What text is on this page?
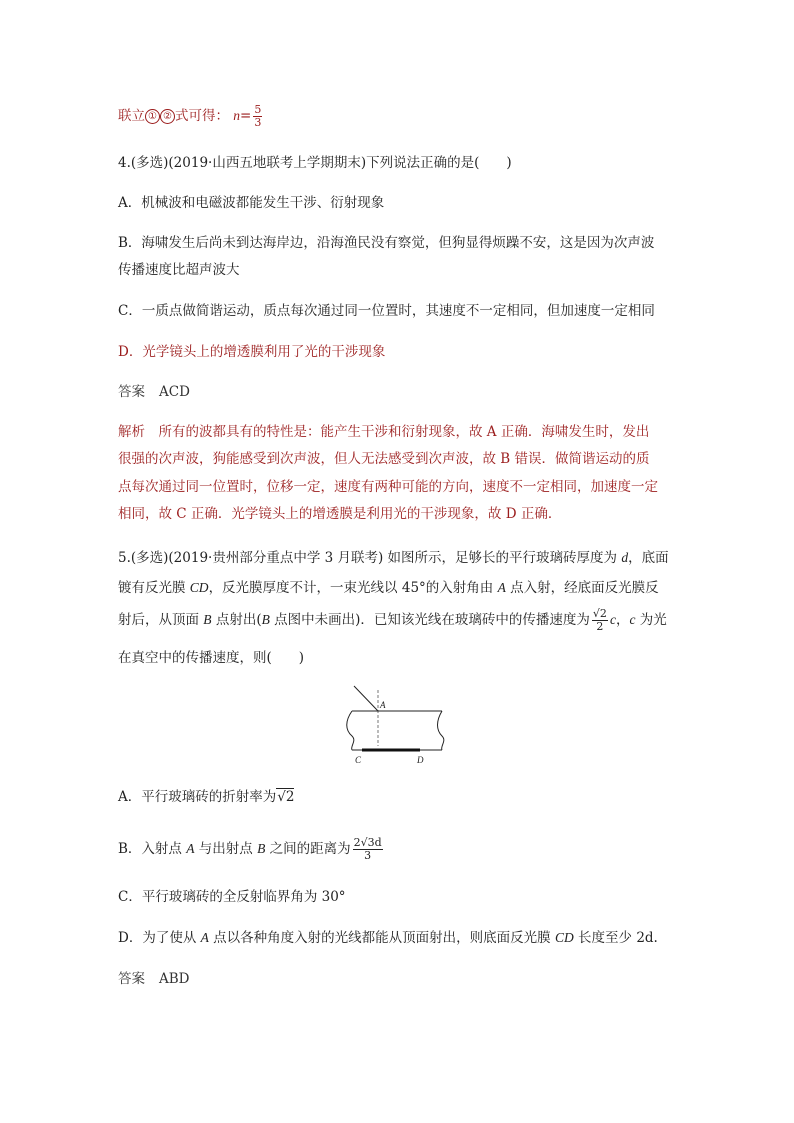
联立 ① ② 式可得： $n= \frac{5}{3}$
4.(多选)(2019·山西五地联考上学期期末)下列说法正确的是(　　)
A．机械波和电磁波都能发生干涉、衍射现象
B．海啸发生后尚未到达海岸边，沿海渔民没有察觉，但狗显得烦躁不安，这是因为次声波
传播速度比超声波大
C．一质点做简谐运动，质点每次通过同一位置时，其速度不一定相同，但加速度一定相同
D．光学镜头上的增透膜利用了光的干涉现象
答案 ACD
解析　所有的波都具有的特性是：能产生干涉和衍射现象，故 A 正确．海啸发生时，发出
很强的次声波，狗能感受到次声波，但人无法感受到次声波，故 B 错误．做简谐运动的质
点每次通过同一位置时，位移一定，速度有两种可能的方向，速度不一定相同，加速度一定
相同，故 C 正确．光学镜头上的增透膜是利用光的干涉现象，故 D 正确．
5.(多选)(2019·贵州部分重点中学 3 月联考) 如图所示，足够长的平行玻璃砖厚度为 d，底面
镀有反光膜 CD，反光膜厚度不计，一束光线以 45°的入射角由 A 点入射，经底面反光膜反
射后，从顶面 B 点射出(B 点图中未画出)．已知该光线在玻璃砖中的传播速度为 $\frac{√2}{2}$ c，c 为光
在真空中的传播速度，则(　　)
A
C	D
A．平行玻璃砖的折射率为√2
B．入射点 A 与出射点 B 之间的距离为 $\frac{2√3d}{3}$
C．平行玻璃砖的全反射临界角为 30°
D．为了使从 A 点以各种角度入射的光线都能从顶面射出，则底面反光膜 CD 长度至少 2d.
答案 ABD
